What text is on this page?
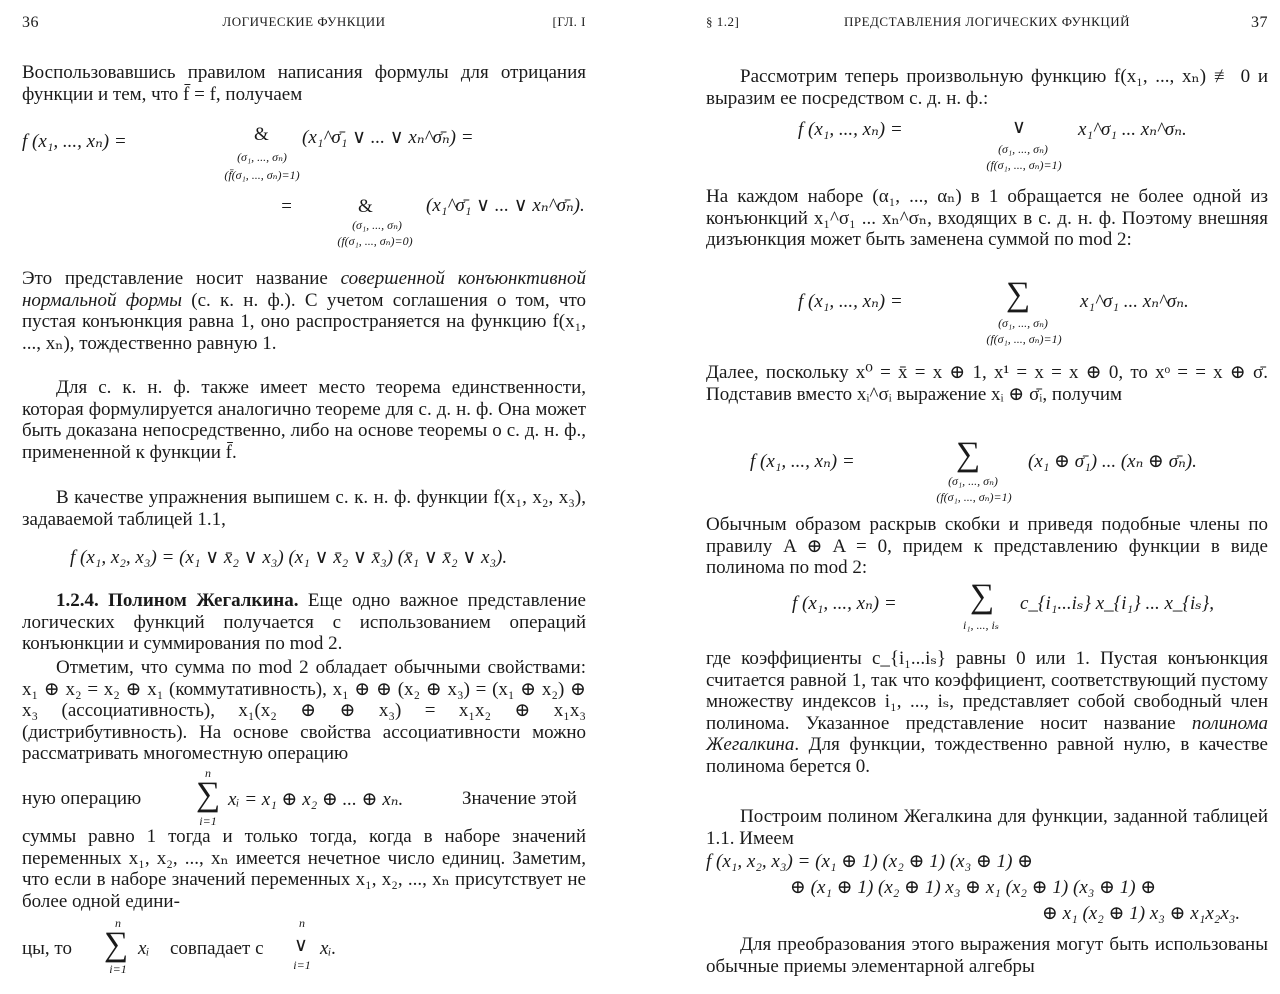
36	ЛОГИЧЕСКИЕ ФУНКЦИИ	[ГЛ. I

Воспользовавшись правилом написания формулы для отрицания функции и тем, что f̄̄ = f, получаем

f (x₁, ..., xₙ) =	& (x₁^σ̄₁ ∨ ... ∨ xₙ^σ̄ₙ) =
(σ₁, ..., σₙ)
(f̄(σ₁, ..., σₙ)=1)
=	&	(x₁^σ̄₁ ∨ ... ∨ xₙ^σ̄ₙ).
(σ₁, ..., σₙ)
(f(σ₁, ..., σₙ)=0)

Это представление носит название совершенной конъюнктивной нормальной формы (с. к. н. ф.). С учетом соглашения о том, что пустая конъюнкция равна 1, оно распространяется на функцию f(x₁, ..., xₙ), тождественно равную 1.

Для с. к. н. ф. также имеет место теорема единственности, которая формулируется аналогично теореме для с. д. н. ф. Она может быть доказана непосредственно, либо на основе теоремы о с. д. н. ф., примененной к функции f̄.

В качестве упражнения выпишем с. к. н. ф. функции f(x₁, x₂, x₃), задаваемой таблицей 1.1,

f (x₁, x₂, x₃) = (x₁ ∨ x̄₂ ∨ x₃) (x₁ ∨ x̄₂ ∨ x̄₃) (x̄₁ ∨ x̄₂ ∨ x₃).

1.2.4. Полином Жегалкина. Еще одно важное представление логических функций получается с использованием операций конъюнкции и суммирования по mod 2.

Отметим, что сумма по mod 2 обладает обычными свойствами: x₁ ⊕ x₂ = x₂ ⊕ x₁ (коммутативность), x₁ ⊕ ⊕ (x₂ ⊕ x₃) = (x₁ ⊕ x₂) ⊕ x₃ (ассоциативность), x₁(x₂ ⊕ ⊕ x₃) = x₁x₂ ⊕ x₁x₃ (дистрибутивность). На основе свойства ассоциативности можно рассматривать многоместную операцию

ную операцию
n
∑
i=1
xᵢ = x₁ ⊕ x₂ ⊕ ... ⊕ xₙ.	Значение этой

суммы равно 1 тогда и только тогда, когда в наборе значений переменных x₁, x₂, ..., xₙ имеется нечетное число единиц. Заметим, что если в наборе значений переменных x₁, x₂, ..., xₙ присутствует не более одной едини-

цы, то
n
∑
i=1
xᵢ совпадает с
n
∨
i=1
xᵢ.
§ 1.2]	ПРЕДСТАВЛЕНИЯ ЛОГИЧЕСКИХ ФУНКЦИЙ	37

Рассмотрим теперь произвольную функцию f(x₁, ..., xₙ) ≢ 0 и выразим ее посредством с. д. н. ф.:

f (x₁, ..., xₙ) =	∨	x₁^σ₁ ... xₙ^σₙ.
(σ₁, ..., σₙ)
(f(σ₁, ..., σₙ)=1)

На каждом наборе (α₁, ..., αₙ) в 1 обращается не более одной из конъюнкций x₁^σ₁ ... xₙ^σₙ, входящих в с. д. н. ф. Поэтому внешняя дизъюнкция может быть заменена суммой по mod 2:

f (x₁, ..., xₙ) =	∑	x₁^σ₁ ... xₙ^σₙ.
(σ₁, ..., σₙ)
(f(σ₁, ..., σₙ)=1)

Далее, поскольку x⁰ = x̄ = x ⊕ 1, x¹ = x = x ⊕ 0, то xᵒ = = x ⊕ σ̄. Подставив вместо xᵢ^σᵢ выражение xᵢ ⊕ σ̄ᵢ, получим

f (x₁, ..., xₙ) =	∑	(x₁ ⊕ σ̄₁) ... (xₙ ⊕ σ̄ₙ).
(σ₁, ..., σₙ)
(f(σ₁, ..., σₙ)=1)

Обычным образом раскрыв скобки и приведя подобные члены по правилу A ⊕ A = 0, придем к представлению функции в виде полинома по mod 2:

f (x₁, ..., xₙ) = ∑ c_{i₁...iₛ} x_{i₁} ... x_{iₛ},
i₁, ..., iₛ

где коэффициенты c_{i₁...iₛ} равны 0 или 1. Пустая конъюнкция считается равной 1, так что коэффициент, соответствующий пустому множеству индексов i₁, ..., iₛ, представляет собой свободный член полинома. Указанное представление носит название полинома Жегалкина. Для функции, тождественно равной нулю, в качестве полинома берется 0.

Построим полином Жегалкина для функции, заданной таблицей 1.1. Имеем

f (x₁, x₂, x₃) = (x₁ ⊕ 1) (x₂ ⊕ 1) (x₃ ⊕ 1) ⊕
⊕ (x₁ ⊕ 1) (x₂ ⊕ 1) x₃ ⊕ x₁ (x₂ ⊕ 1) (x₃ ⊕ 1) ⊕
⊕ x₁ (x₂ ⊕ 1) x₃ ⊕ x₁x₂x₃.

Для преобразования этого выражения могут быть использованы обычные приемы элементарной алгебры
